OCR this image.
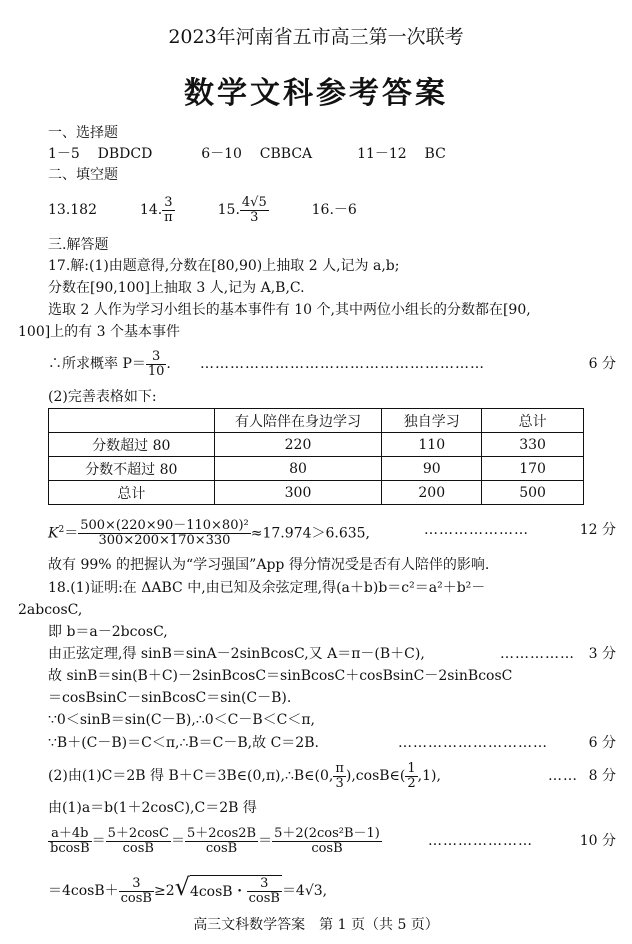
2023年河南省五市高三第一次联考
数学文科参考答案
一、选择题
1－5 DBDCD	6－10 CBBCA	11－12 BC
二、填空题
13.182	14. $\frac{3}{\pi}$	15. $\frac{4√5}{3}$	16.－6
三.解答题
17.解:(1)由题意得,分数在[80,90)上抽取 2 人,记为 a,b;
分数在[90,100]上抽取 3 人,记为 A,B,C.
选取 2 人作为学习小组长的基本事件有 10 个,其中两位小组长的分数都在[90,
100]上的有 3 个基本事件
∴所求概率 $P= \frac{3}{10}$ . …………………………………………………	6 分
(2)完善表格如下:
	有人陪伴在身边学习	独自学习	总计
分数超过 80	220	110	330
分数不超过 80	80	90	170
总计	300	200	500
$K^2= \frac{\text{500×(220×90－110×80)²}}{300\times 200\times 170\times 330} \approx 17.974>6.635$,	…………………	12 分
故有 99% 的把握认为“学习强国”App 得分情况受是否有人陪伴的影响.
18.(1)证明:在 ΔABC 中,由已知及余弦定理,得(a＋b)b＝c²＝a²＋b²－
2abcosC,
即 b＝a－2bcosC,
由正弦定理,得 sinB＝sinA－2sinBcosC,又 A＝π－(B＋C),	…………… 3 分
故 sinB＝sin(B＋C)－2sinBcosC＝sinBcosC＋cosBsinC－2sinBcosC
＝cosBsinC－sinBcosC＝sin(C－B).
∵0＜sinB＝sin(C－B),∴0＜C－B＜C＜π,
∵B＋(C－B)＝C＜π,∴B＝C－B,故 C＝2B.	…………………………	6 分
(2)由(1)C＝2B 得 B＋C＝3B∈(0,π),∴B∈(0, $\frac{\pi}{3}$ ),cosB∈( $\frac{1}{2} ,1$),	…… 8 分
由(1)a＝b(1＋2cosC),C＝2B 得
$\frac{a+4b}{bcosB} = \frac{5+2\cos C}{\cos B} = \frac{5+2\cos 2B}{\cos B} = \frac{\text{5＋2(2cos²B－1)}}{\cos B}$	…………………	10 分
$=4\cos B+ \frac{3}{\cos B} \ge 2√4\cos B$・ $\frac{3}{\cos B} =4√3$,
高三文科数学答案　第 1 页（共 5 页）
